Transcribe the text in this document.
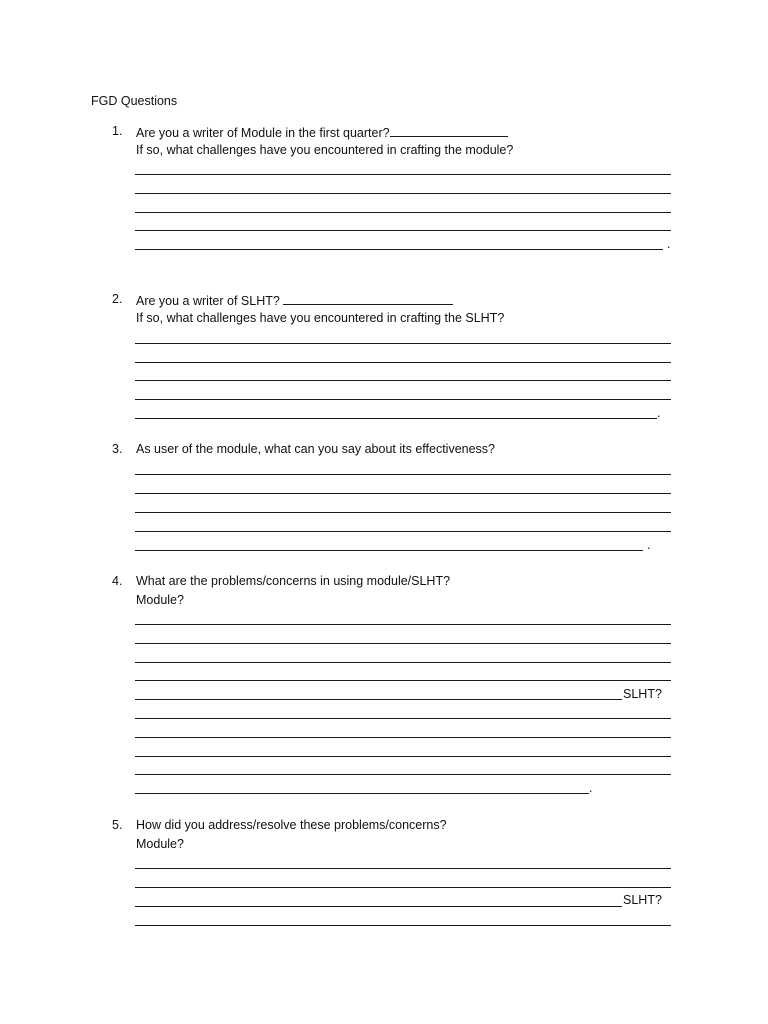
FGD Questions
1. Are you a writer of Module in the first quarter?
If so, what challenges have you encountered in crafting the module?
.
2. Are you a writer of SLHT?
If so, what challenges have you encountered in crafting the SLHT?
.
3. As user of the module, what can you say about its effectiveness?
.
4. What are the problems/concerns in using module/SLHT?
Module?
SLHT?
.
5. How did you address/resolve these problems/concerns?
Module?
SLHT?
